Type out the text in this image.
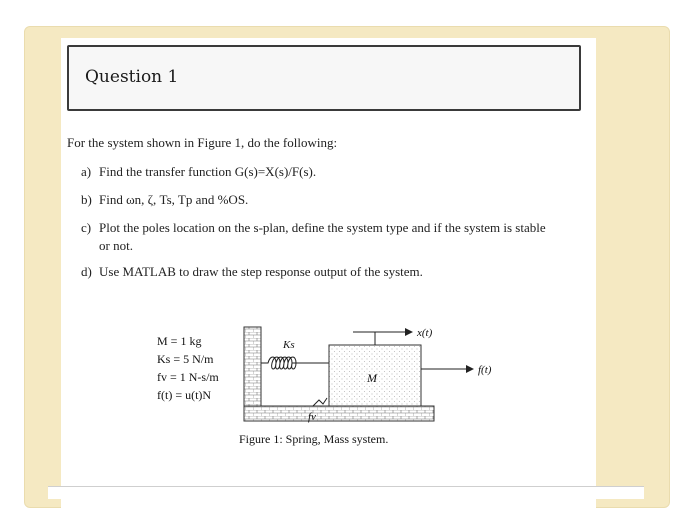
Question 1
For the system shown in Figure 1, do the following:
a) Find the transfer function G(s)=X(s)/F(s).
b) Find ωn, ζ, Ts, Tp and %OS.
c) Plot the poles location on the s-plan, define the system type and if the system is stable
or not.
d) Use MATLAB to draw the step response output of the system.
M = 1 kg
Ks = 5 N/m
fv = 1 N-s/m
f(t) = u(t)N
Ks
M
fv
x(t)
f(t)
Figure 1: Spring, Mass system.
